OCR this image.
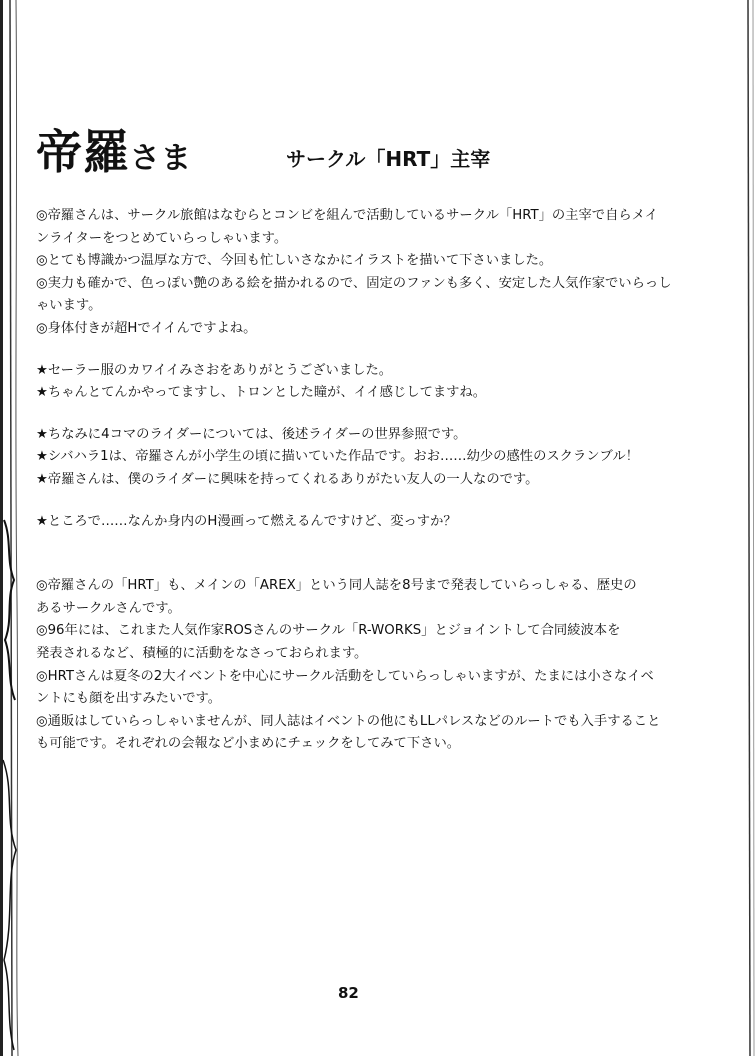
帝羅さま	サークル「HRT」主宰
◎帝羅さんは、サークル旅館はなむらとコンビを組んで活動しているサークル「HRT」の主宰で自らメイ
ンライターをつとめていらっしゃいます。
◎とても博識かつ温厚な方で、今回も忙しいさなかにイラストを描いて下さいました。
◎実力も確かで、色っぽい艶のある絵を描かれるので、固定のファンも多く、安定した人気作家でいらっし
ゃいます。
◎身体付きが超Hでイイんですよね。
★セーラー服のカワイイみさおをありがとうございました。
★ちゃんとてんかやってますし、トロンとした瞳が、イイ感じしてますね。
★ちなみに4コマのライダーについては、後述ライダーの世界参照です。
★シバハラ1は、帝羅さんが小学生の頃に描いていた作品です。おお……幼少の感性のスクランブル！
★帝羅さんは、僕のライダーに興味を持ってくれるありがたい友人の一人なのです。
★ところで……なんか身内のH漫画って燃えるんですけど、変っすか？
◎帝羅さんの「HRT」も、メインの「AREX」という同人誌を8号まで発表していらっしゃる、歴史の
あるサークルさんです。
◎96年には、これまた人気作家ROSさんのサークル「R-WORKS」とジョイントして合同綾波本を
発表されるなど、積極的に活動をなさっておられます。
◎HRTさんは夏冬の2大イベントを中心にサークル活動をしていらっしゃいますが、たまには小さなイベ
ントにも顔を出すみたいです。
◎通販はしていらっしゃいませんが、同人誌はイベントの他にもLLパレスなどのルートでも入手すること
も可能です。それぞれの会報など小まめにチェックをしてみて下さい。
82
